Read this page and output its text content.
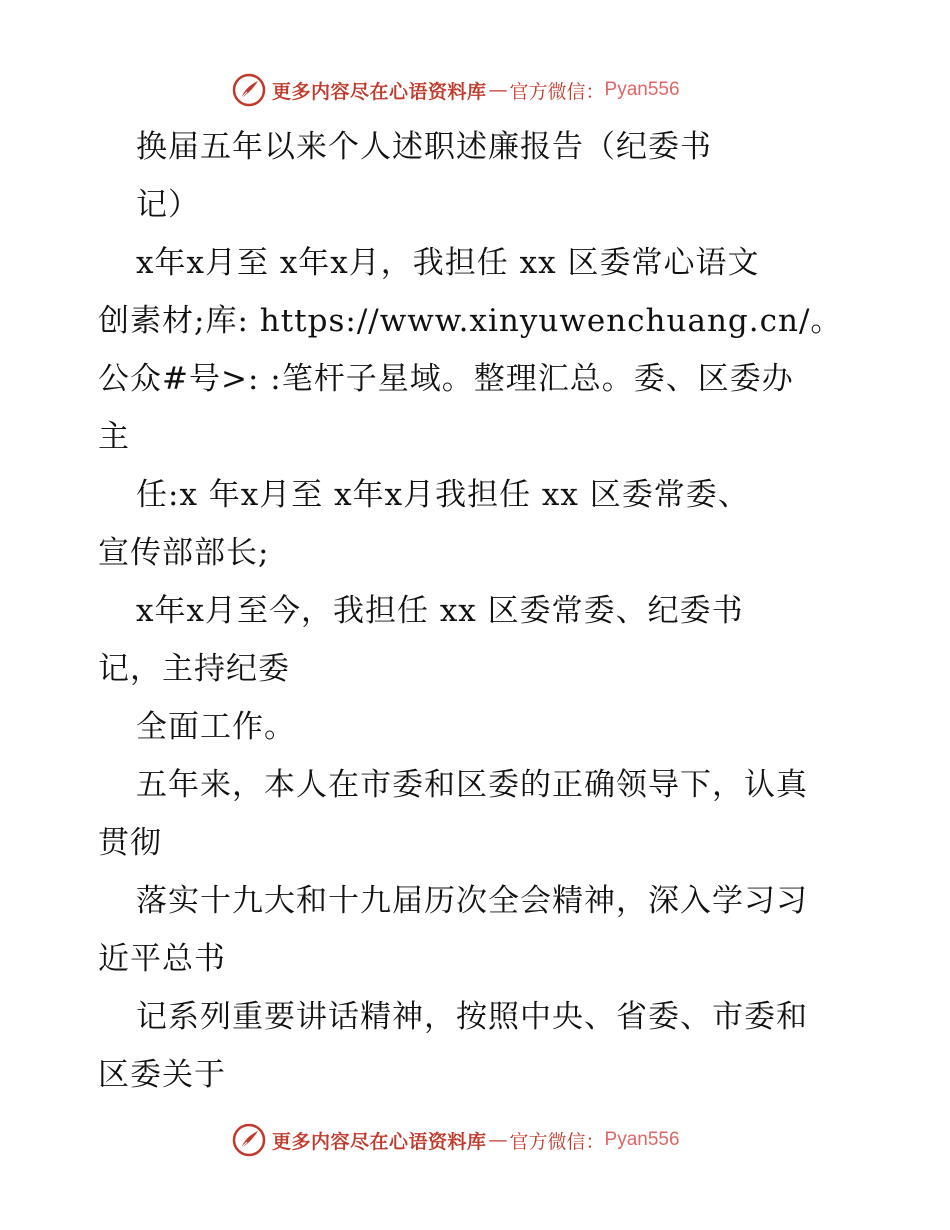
更多内容尽在心语资料库 — 官方微信： Pyan556
换届五年以来个人述职述廉报告（纪委书
记）
x年x月至 x年x月，我担任 xx 区委常心语文
创素材;库: https://www.xinyuwenchuang.cn/。
公众#号>: :笔杆子星域。整理汇总。委、区委办
主
任:x 年x月至 x年x月我担任 xx 区委常委、
宣传部部长;
x年x月至今，我担任 xx 区委常委、纪委书
记，主持纪委
全面工作。
五年来，本人在市委和区委的正确领导下，认真
贯彻
落实十九大和十九届历次全会精神，深入学习习
近平总书
记系列重要讲话精神，按照中央、省委、市委和
区委关于
更多内容尽在心语资料库 — 官方微信： Pyan556
